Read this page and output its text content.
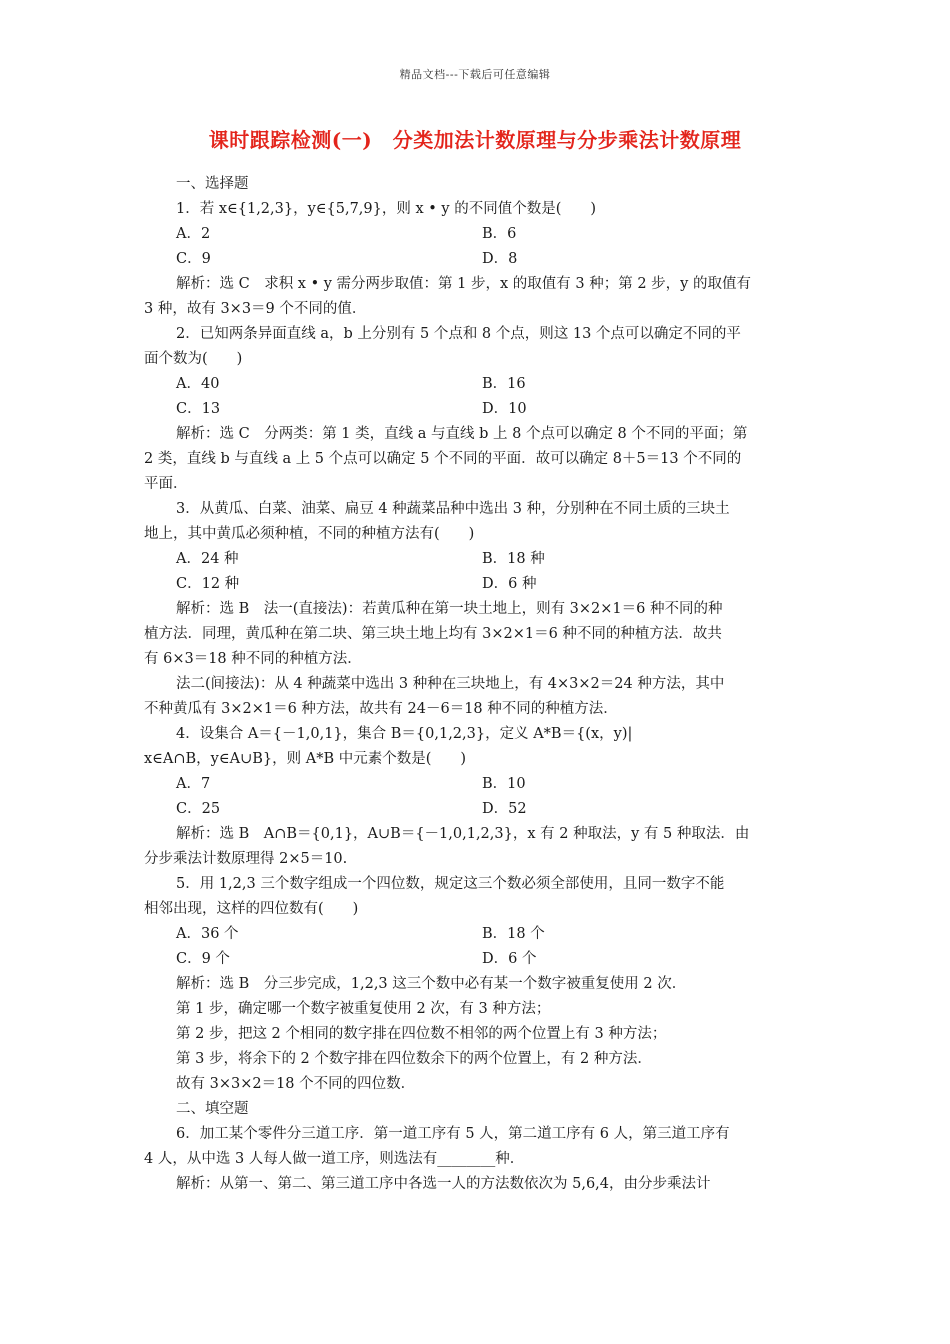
精品文档---下载后可任意编辑
课时跟踪检测(一)　分类加法计数原理与分步乘法计数原理
一、选择题
1．若 x∈{1,2,3}，y∈{5,7,9}，则 x • y 的不同值个数是(　　)
A．2	B．6
C．9	D．8
解析：选 C　求积 x • y 需分两步取值：第 1 步，x 的取值有 3 种；第 2 步，y 的取值有
3 种，故有 3×3＝9 个不同的值．
2．已知两条异面直线 a，b 上分别有 5 个点和 8 个点，则这 13 个点可以确定不同的平
面个数为(　　)
A．40	B．16
C．13	D．10
解析：选 C　分两类：第 1 类，直线 a 与直线 b 上 8 个点可以确定 8 个不同的平面；第
2 类，直线 b 与直线 a 上 5 个点可以确定 5 个不同的平面．故可以确定 8＋5＝13 个不同的
平面．
3．从黄瓜、白菜、油菜、扁豆 4 种蔬菜品种中选出 3 种，分别种在不同土质的三块土
地上，其中黄瓜必须种植，不同的种植方法有(　　)
A．24 种	B．18 种
C．12 种	D．6 种
解析：选 B　法一(直接法)：若黄瓜种在第一块土地上，则有 3×2×1＝6 种不同的种
植方法．同理，黄瓜种在第二块、第三块土地上均有 3×2×1＝6 种不同的种植方法．故共
有 6×3＝18 种不同的种植方法．
法二(间接法)：从 4 种蔬菜中选出 3 种种在三块地上，有 4×3×2＝24 种方法，其中
不种黄瓜有 3×2×1＝6 种方法，故共有 24－6＝18 种不同的种植方法．
4．设集合 A＝{－1,0,1}，集合 B＝{0,1,2,3}，定义 A*B＝{(x，y)|
x∈A∩B，y∈A∪B}，则 A*B 中元素个数是(　　)
A．7	B．10
C．25	D．52
解析：选 B　A∩B＝{0,1}，A∪B＝{－1,0,1,2,3}，x 有 2 种取法，y 有 5 种取法．由
分步乘法计数原理得 2×5＝10.
5．用 1,2,3 三个数字组成一个四位数，规定这三个数必须全部使用，且同一数字不能
相邻出现，这样的四位数有(　　)
A．36 个	B．18 个
C．9 个	D．6 个
解析：选 B　分三步完成，1,2,3 这三个数中必有某一个数字被重复使用 2 次．
第 1 步，确定哪一个数字被重复使用 2 次，有 3 种方法；
第 2 步，把这 2 个相同的数字排在四位数不相邻的两个位置上有 3 种方法；
第 3 步，将余下的 2 个数字排在四位数余下的两个位置上，有 2 种方法．
故有 3×3×2＝18 个不同的四位数．
二、填空题
6．加工某个零件分三道工序．第一道工序有 5 人，第二道工序有 6 人，第三道工序有
4 人，从中选 3 人每人做一道工序，则选法有________种．
解析：从第一、第二、第三道工序中各选一人的方法数依次为 5,6,4，由分步乘法计
